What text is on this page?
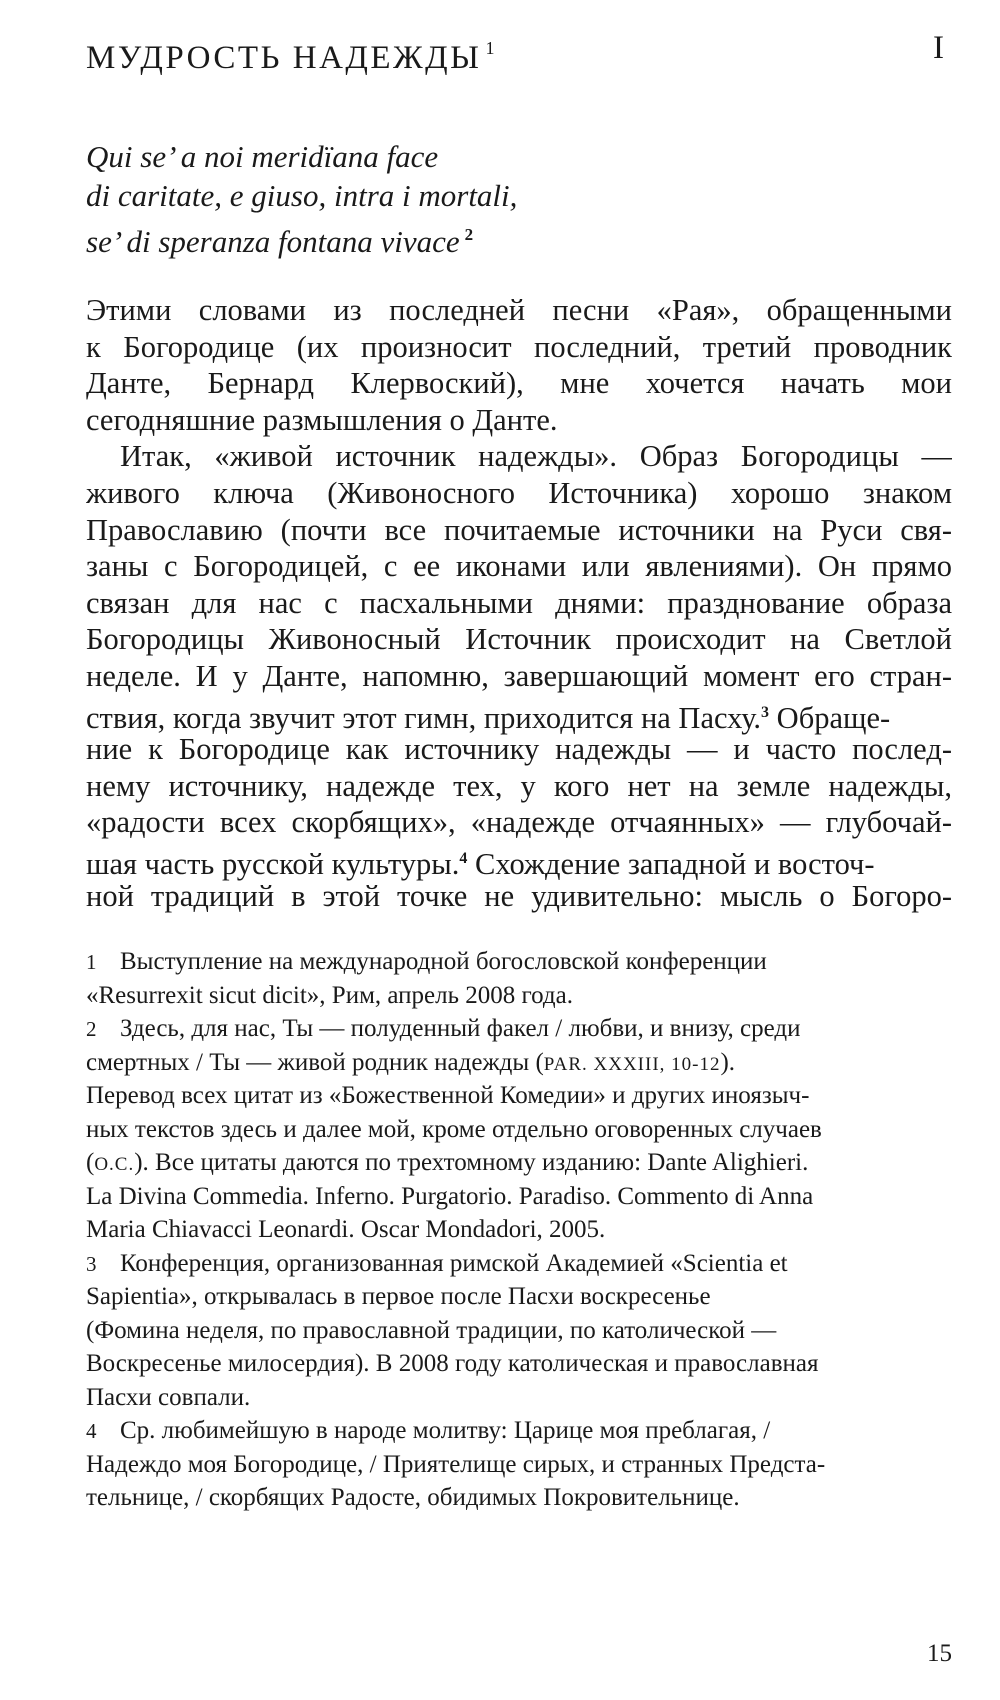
МУДРОСТЬ НАДЕЖДЫ $^1$	I
Qui se’ a noi meridïana face
di caritate, e giuso, intra i mortali,
se’ di speranza fontana vivace $^2$
Этими словами из последней песни «Рая», обращенными
к Богородице (их произносит последний, третий проводник
Данте, Бернард Клервоский), мне хочется начать мои
сегодняшние размышления о Данте.
Итак, «живой источник надежды». Образ Богородицы —
живого ключа (Живоносного Источника) хорошо знаком
Православию (почти все почитаемые источники на Руси свя-
заны с Богородицей, с ее иконами или явлениями). Он прямо
связан для нас с пасхальными днями: празднование образа
Богородицы Живоносный Источник происходит на Светлой
неделе. И у Данте, напомню, завершающий момент его стран-
ствия, когда звучит этот гимн, приходится на Пасху.$^3$ Обраще-
ние к Богородице как источнику надежды — и часто послед-
нему источнику, надежде тех, у кого нет на земле надежды,
«радости всех скорбящих», «надежде отчаянных» — глубочай-
шая часть русской культуры.$^4$ Схождение западной и восточ-
ной традиций в этой точке не удивительно: мысль о Богоро-
1 Выступление на международной богословской конференции
«Resurrexit sicut dicit», Рим, апрель 2008 года.
2 Здесь, для нас, Ты — полуденный факел / любви, и внизу, среди
смертных / Ты — живой родник надежды (PAR. XXXIII, 10-12).
Перевод всех цитат из «Божественной Комедии» и других иноязыч-
ных текстов здесь и далее мой, кроме отдельно оговоренных случаев
(О.С.). Все цитаты даются по трехтомному изданию: Dante Alighieri.
La Divina Commedia. Inferno. Purgatorio. Paradiso. Commento di Anna
Maria Chiavacci Leonardi. Oscar Mondadori, 2005.
3 Конференция, организованная римской Академией «Scientia et
Sapientia», открывалась в первое после Пасхи воскресенье
(Фомина неделя, по православной традиции, по католической —
Воскресенье милосердия). В 2008 году католическая и православная
Пасхи совпали.
4 Ср. любимейшую в народе молитву: Царице моя преблагая, /
Надеждо моя Богородице, / Приятелище сирых, и странных Предста-
тельнице, / скорбящих Радосте, обидимых Покровительнице.
15
